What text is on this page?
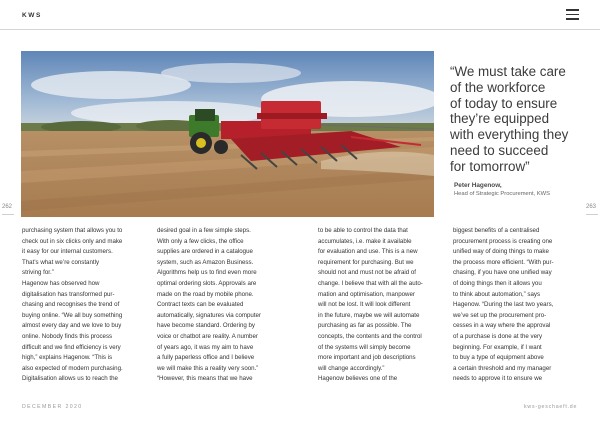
KWS
“We must take care
of the workforce
of today to ensure
they’re equipped
with everything they
need to succeed
for tomorrow”
Peter Hagenow,
Head of Strategic Procurement, KWS
262	263

purchasing system that allows you to

check out in six clicks only and make

it easy for our internal customers.

That’s what we’re constantly

striving for.”

Hagenow has observed how

digitalisation has transformed pur-

chasing and recognises the trend of

buying online. “We all buy something

almost every day and we love to buy

online. Nobody finds this process

difficult and we find efficiency is very

high,” explains Hagenow. “This is

also expected of modern purchasing.

Digitalisation allows us to reach the

desired goal in a few simple steps.

With only a few clicks, the office

supplies are ordered in a catalogue

system, such as Amazon Business.

Algorithms help us to find even more

optimal ordering slots. Approvals are

made on the road by mobile phone.

Contract texts can be evaluated

automatically, signatures via computer

have become standard. Ordering by

voice or chatbot are reality. A number

of years ago, it was my aim to have

a fully paperless office and I believe

we will make this a reality very soon.”

“However, this means that we have

to be able to control the data that

accumulates, i.e. make it available

for evaluation and use. This is a new

requirement for purchasing. But we

should not and must not be afraid of

change. I believe that with all the auto-

mation and optimisation, manpower

will not be lost. It will look different

in the future, maybe we will automate

purchasing as far as possible. The

concepts, the contents and the control

of the systems will simply become

more important and job descriptions

will change accordingly.”

Hagenow believes one of the

biggest benefits of a centralised

procurement process is creating one

unified way of doing things to make

the process more efficient. “With pur-

chasing, if you have one unified way

of doing things then it allows you

to think about automation,” says

Hagenow. “During the last two years,

we’ve set up the procurement pro-

cesses in a way where the approval

of a purchase is done at the very

beginning. For example, if I want

to buy a type of equipment above

a certain threshold and my manager

needs to approve it to ensure we

DECEMBER 2020	kws-geschaeft.de
